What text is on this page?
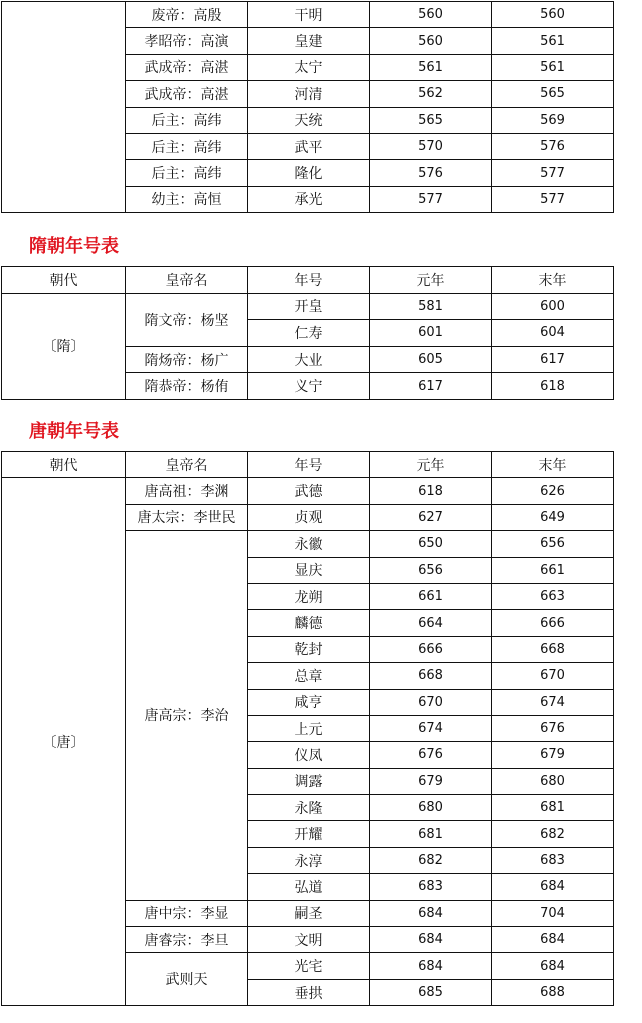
	废帝：高殷	干明	560	560
	孝昭帝：高演	皇建	560	561
	武成帝：高湛	太宁	561	561
	武成帝：高湛	河清	562	565
	后主：高纬	天统	565	569
	后主：高纬	武平	570	576
	后主：高纬	隆化	576	577
	幼主：高恒	承光	577	577
隋朝年号表
朝代	皇帝名	年号	元年	末年
〔隋〕	隋文帝：杨坚	开皇	581	600
		仁寿	601	604
	隋炀帝：杨广	大业	605	617
	隋恭帝：杨侑	义宁	617	618
唐朝年号表
朝代	皇帝名	年号	元年	末年
〔唐〕	唐高祖：李渊	武德	618	626
	唐太宗：李世民	贞观	627	649
	唐高宗：李治	永徽	650	656
		显庆	656	661
		龙朔	661	663
		麟德	664	666
		乾封	666	668
		总章	668	670
		咸亨	670	674
		上元	674	676
		仪凤	676	679
		调露	679	680
		永隆	680	681
		开耀	681	682
		永淳	682	683
		弘道	683	684
	唐中宗：李显	嗣圣	684	704
	唐睿宗：李旦	文明	684	684
	武则天	光宅	684	684
		垂拱	685	688
